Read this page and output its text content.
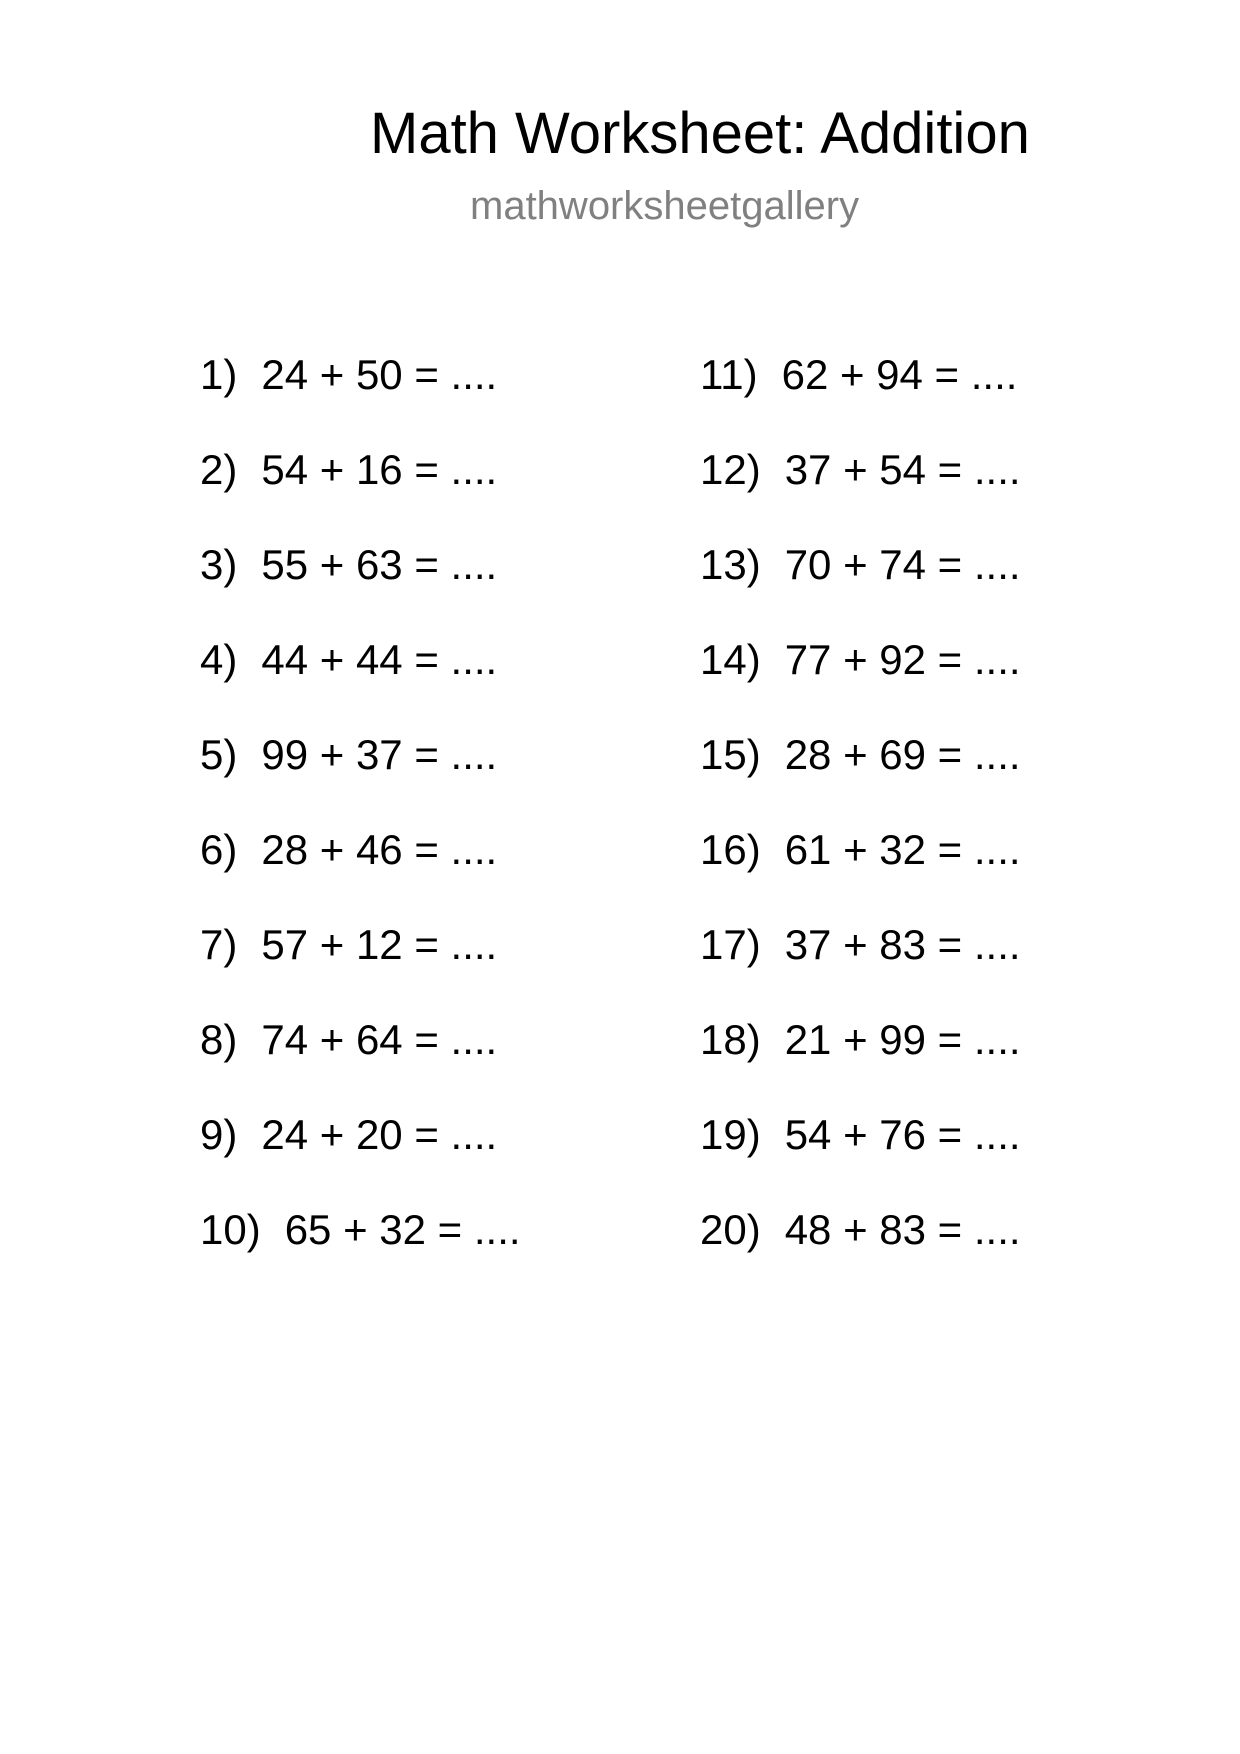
Math Worksheet: Addition
mathworksheetgallery
1) 24 + 50 = ....
2) 54 + 16 = ....
3) 55 + 63 = ....
4) 44 + 44 = ....
5) 99 + 37 = ....
6) 28 + 46 = ....
7) 57 + 12 = ....
8) 74 + 64 = ....
9) 24 + 20 = ....
10) 65 + 32 = ....
11) 62 + 94 = ....
12) 37 + 54 = ....
13) 70 + 74 = ....
14) 77 + 92 = ....
15) 28 + 69 = ....
16) 61 + 32 = ....
17) 37 + 83 = ....
18) 21 + 99 = ....
19) 54 + 76 = ....
20) 48 + 83 = ....
